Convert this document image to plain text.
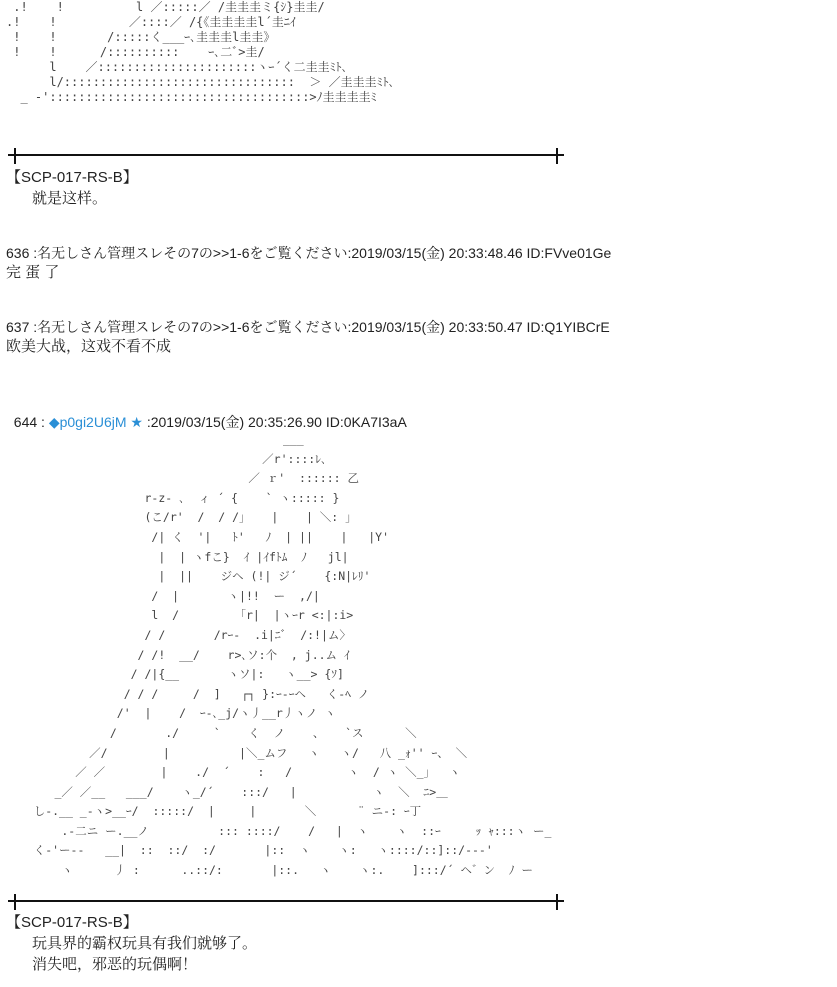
.!    !          l ／:::::／ /圭圭圭ミ{ｼ}圭圭/
.!    !          ／::::／ /{《圭圭圭圭l´圭ﾆｲ
!    !       /:::::く___ｰ､圭圭圭l圭圭》
!    !      /::::::::::    ｰ､二ﾞ>圭/
l    ／::::::::::::::::::::::ヽｰ´く二圭圭ﾐﾄ､
l/::::::::::::::::::::::::::::::::  ＞ ／圭圭圭ﾐﾄ､
_ -'::::::::::::::::::::::::::::::::::::>ﾉ圭圭圭圭ﾐ
【SCP-017-RS-B】
就是这样。
636 :名无しさん管理スレその7の>>1-6をご覧ください:2019/03/15(金) 20:33:48.46 ID:FVve01Ge
完 蛋 了
637 :名无しさん管理スレその7の>>1-6をご覧ください:2019/03/15(金) 20:33:50.47 ID:Q1YIBCrE
欧美大战，这戏不看不成

644 : ◆p0gi2U6jM ★ :2019/03/15(金) 20:35:26.90 ID:0KA7I3aA

___
／r'::::ﾚ､
／ ｒ'  :::::: 乙
r-z- ､  ィ ´ {    ` ヽ::::: }
(こ/r'  /  / /」   |    | ＼: ｣
/| く  '|   ﾄ'   ﾉ  | ||    |   |Y'
|  | ヽfこ}  ｲ |ｲfﾄﾑ  ﾉ   jl|
|  ||    ジヘ (!| ジ´    {:N|ﾚﾘ'
/  |       ヽ|!!  ー  ,/|
l  /        「r|  |ヽｰr <:|:i>
/ /       /rｰ-  .i|ﾆﾞ  /:!|ム〉
/ /!  __/    r>､ソ:个  , j..ム ｲ
/ /|{__       ヽソ|:   ヽ__> {ｿ]
/ / /     /  ]   ┌┐ }:ｰ-ｰヘ   く-ﾍ ノ
/'  |    /  ｰ-､_j/ヽ丿__r丿ヽノ ヽ
/       ./     `    く  ノ    、   `ス      ＼
／/        |          |＼_ムフ   ヽ   ヽ/   八 _ｫ'' ｰ、 ＼
／ ／        |    ./  ´    :   /        ヽ  / ヽ ＼_」  ヽ
_／ ／__   ___/    ヽ_/´    :::/   |           ヽ  ＼  ﾆ>＿
し-.__ _-ヽ>__ｰ/  :::::/  |     |       ＼      ¨ ニ‐: ｰ丁
.-二ニ ー.__ノ          ::: ::::/    /   |  ヽ    ヽ  ::ｰ     ｯ ｬ:::ヽ ー_
く-'ー‐-   __|  ::  ::/  :/       |::  ヽ    ヽ:   ヽ::::/::]::/‐‐‐'
ヽ      丿 :      ..::/:       |::.   ヽ    ヽ:.    ]:::/´ ヘ゛ン  ﾉ ー
【SCP-017-RS-B】
玩具界的霸权玩具有我们就够了。
消失吧，邪恶的玩偶啊！
